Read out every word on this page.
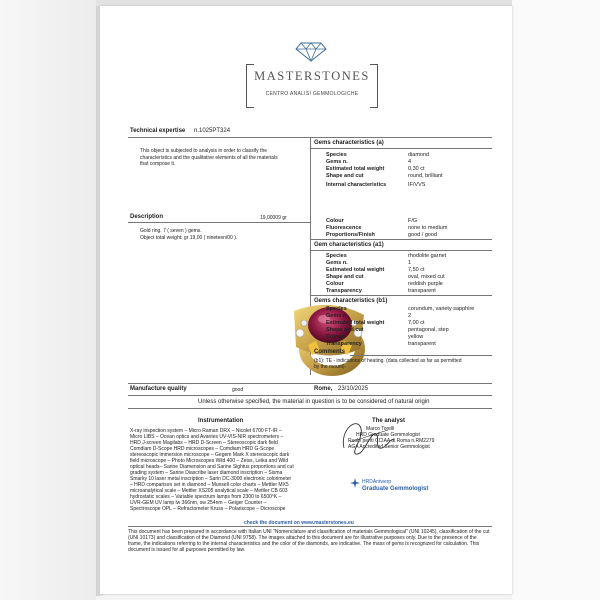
MASTERSTONES
CENTRO ANALISI GEMMOLOGICHE
Technical expertise n.1025PT324
This object is subjected to analysis in order to classify the characteristics and the qualitative elements of all the materials that compose it.
Description	19,00009 gr
Gold ring. 7 ( seven ) gems.
Object total weight: gr 19,00 ( nineteen/00 ).
Manufacture quality	good	Rome, 23/10/2025
Gems characteristics (a)
Species	diamond
Gems n.	4
Estimated total weight	0,30 ct
Shape and cut	round, brilliant
Internal characteristics	IF/VVS
Colour	F/G
Fluorescence	none to medium
Proportions/Finish	good / good
Gem characteristics (a1)
Species	rhodolite garnet
Gems n.	1
Estimated total weight	7,50 ct
Shape and cut	oval, mixed cut
Colour	reddish purple
Transparency	transparent
Gems characteristics (b1)
Species	corundum, variety sapphire
Gems n.	2
Estimated total weight	7,00 ct
Shape and cut	pentagonal, step
Colour	yellow
Transparency	transparent
Comments
(b1): TE - indications of heating. (data collected as far as permitted
by the mount).
Unless otherwise specified, the material in question is to be considered of natural origin
Instrumentation
X-ray inspection system – Micro Raman DRX – Nicolet 6700 FT-IR –
Micro LIBS – Ocean optics and Avantes UV-VIS-NIR spectrometers –
HRD J-screen Magilabs – HRD D-Screen – Stereoscopic dark field
Comdiam D-Scope HRD microscopes – Comdiam HRD G-Scope
stereoscopic immersion microscope – Gegem Mark X stereoscopic dark
field microscope – Photo Microscopes Wild 400 – Zeiss, Leika and Wild
optical heads– Sarine Diamension and Sarine Sightus proportions and cut
grading system – Sarine Diascribe laser diamond inscription – Sisma
Smarky 10 laser metal inscription – Sarin DC-3000 electronic colorimeter
– HRD comparison set in diamond – Munsell color charts – Mettler MX5
microanalytical scale – Mettler XS205 analytical scale – Mettler CB 603
hydrostatic scales – Variable spectrum lamps from 2300 to 6500°K –
UVR-GEM UV lamp lw 366nm, sw 254nm – Geiger Counter –
Spectroscope OPL – Refractometer Kruss – Polariscope – Dicroscope
The analyst
Marco Torelli
HRD Graduate Gemmologist
Ruolo perìti CCIAA di Roma n.RM2279
AGA Accredited Senior Gemmologist
HRDAntwerp
Graduate Gemmologist
check the document on www.masterstones.eu
This document has been prepared in accordance with Italian UNI "Nomenclature and classification of materials Gemmological" (UNI 10245), classification of the cut (UNI 10173) and classification of the Diamond (UNI 9758). The images attached to this document are for illustrative purposes only. Due to the presence of the frame, the indications referring to the internal characteristics and the color of the diamonds, are indicative. The mass of gems is recognized for calculation. This document is issued for all purposes permitted by law.
